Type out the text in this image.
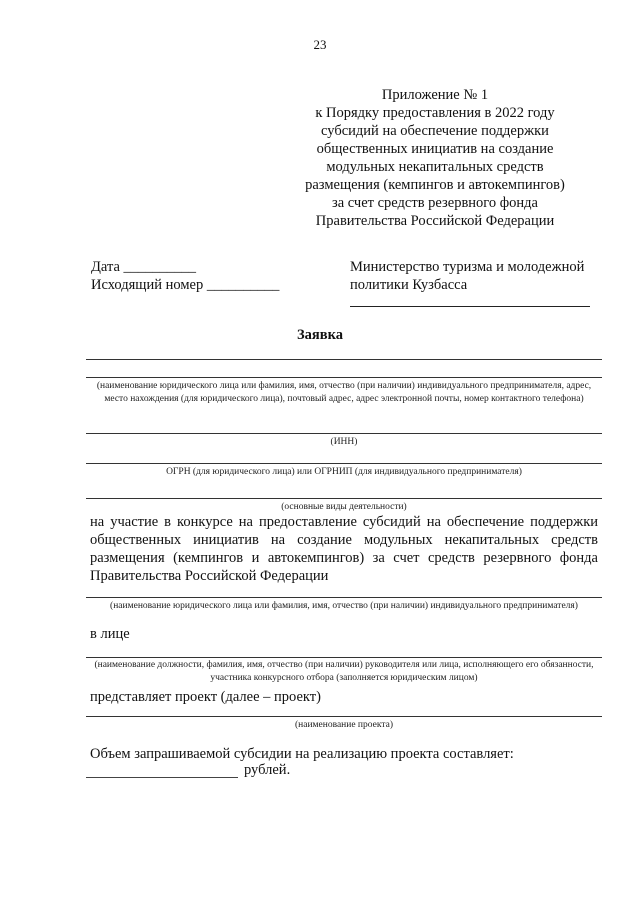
23
Приложение № 1
к Порядку предоставления в 2022 году
субсидий на обеспечение поддержки
общественных инициатив на создание
модульных некапитальных средств
размещения (кемпингов и автокемпингов)
за счет средств резервного фонда
Правительства Российской Федерации
Дата __________
Исходящий номер __________
Министерство туризма и молодежной
политики Кузбасса
Заявка
(наименование юридического лица или фамилия, имя, отчество (при наличии) индивидуального предпринимателя, адрес, место нахождения (для юридического лица), почтовый адрес, адрес электронной почты, номер контактного телефона)
(ИНН)
ОГРН (для юридического лица) или ОГРНИП (для индивидуального предпринимателя)
(основные виды деятельности)
на участие в конкурсе на предоставление субсидий на обеспечение поддержки общественных инициатив на создание модульных некапитальных средств размещения (кемпингов и автокемпингов) за счет средств резервного фонда Правительства Российской Федерации
(наименование юридического лица или фамилия, имя, отчество (при наличии) индивидуального предпринимателя)
в лице
(наименование должности, фамилия, имя, отчество (при наличии) руководителя или лица, исполняющего его обязанности, участника конкурсного отбора (заполняется юридическим лицом)
представляет проект (далее – проект)
(наименование проекта)
Объем запрашиваемой субсидии на реализацию проекта составляет:
рублей.
